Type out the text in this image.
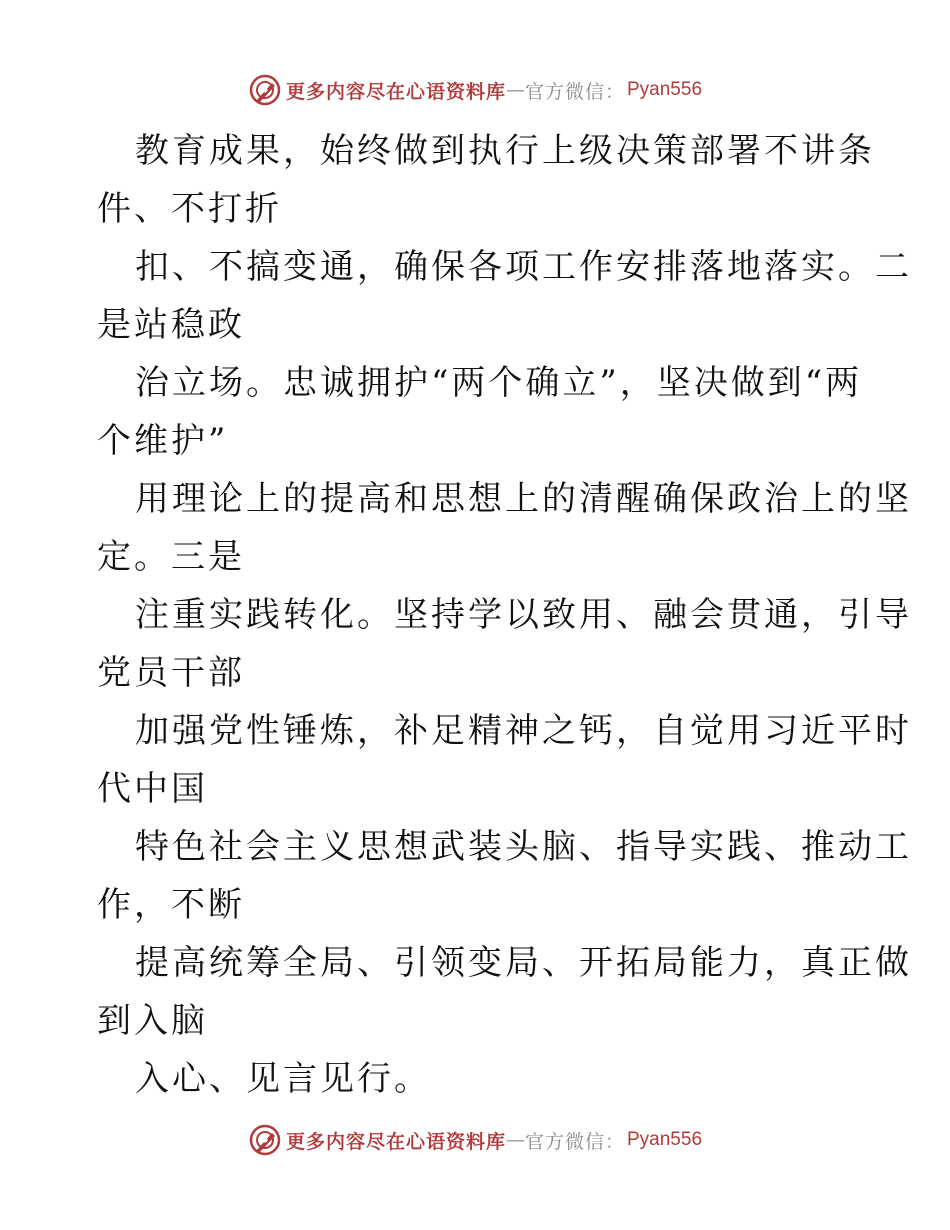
更多内容尽在心语资料库 — 官方微信： Pyan556
教育成果，始终做到执行上级决策部署不讲条
件、不打折
扣、不搞变通，确保各项工作安排落地落实。二
是站稳政
治立场。忠诚拥护“两个确立”，坚决做到“两
个维护”
用理论上的提高和思想上的清醒确保政治上的坚
定。三是
注重实践转化。坚持学以致用、融会贯通，引导
党员干部
加强党性锤炼，补足精神之钙，自觉用习近平时
代中国
特色社会主义思想武装头脑、指导实践、推动工
作，不断
提高统筹全局、引领变局、开拓局能力，真正做
到入脑
入心、见言见行。
更多内容尽在心语资料库 — 官方微信： Pyan556
